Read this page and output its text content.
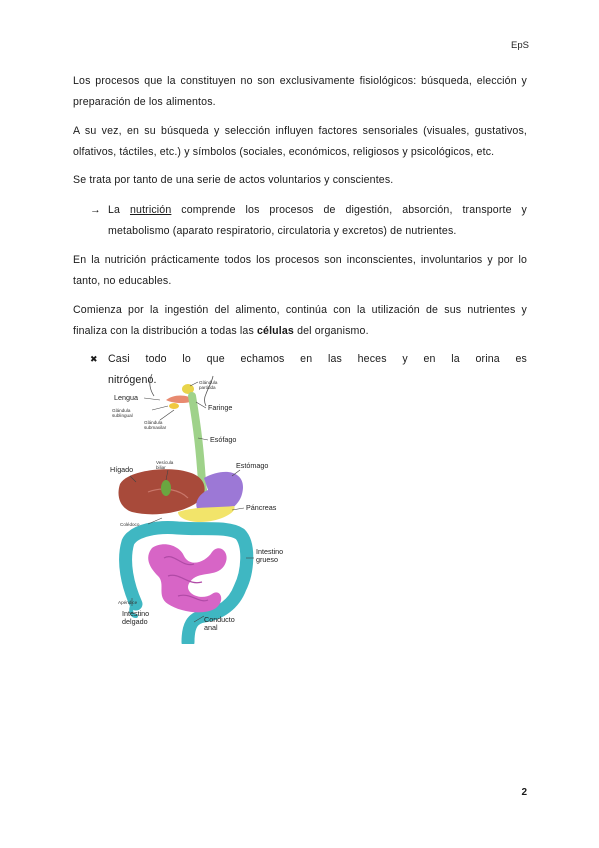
EpS
Los procesos que la constituyen no son exclusivamente fisiológicos: búsqueda, elección y
preparación de los alimentos.
A su vez, en su búsqueda y selección influyen factores sensoriales (visuales, gustativos,
olfativos, táctiles, etc.) y símbolos (sociales, económicos, religiosos y psicológicos, etc.
Se trata por tanto de una serie de actos voluntarios y conscientes.
→ La nutrición comprende los procesos de digestión, absorción, transporte y
metabolismo (aparato respiratorio, circulatoria y excretos) de nutrientes.
En la nutrición prácticamente todos los procesos son inconscientes, involuntarios y por lo
tanto, no educables.
Comienza por la ingestión del alimento, continúa con la utilización de sus nutrientes y
finaliza con la distribución a todas las células del organismo.
✖ Casi todo lo que echamos en las heces y en la orina es nitrógeno.	Glándula parótida
Lengua
Faringe
Glándula sublingual
Glándula submaxilar
Esófago
Vesícula biliar
Hígado	Estómago
Páncreas
Colédoco
Intestino grueso
Apéndice
Intestino delgado	Conducto anal
2
